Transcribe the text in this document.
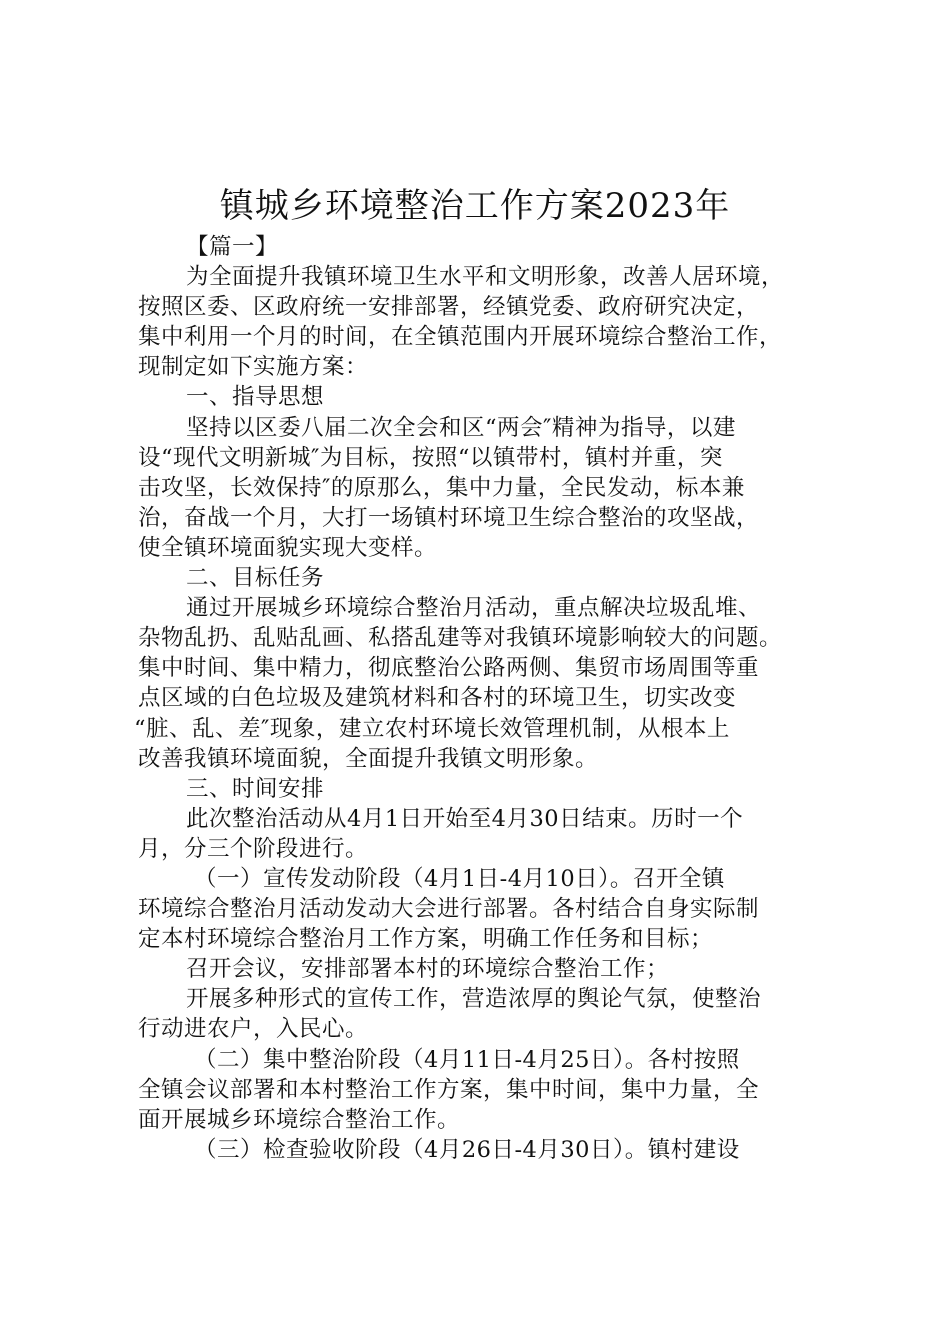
镇城乡环境整治工作方案2023年
【篇一】
为全面提升我镇环境卫生水平和文明形象，改善人居环境，
按照区委、区政府统一安排部署，经镇党委、政府研究决定，
集中利用一个月的时间，在全镇范围内开展环境综合整治工作，
现制定如下实施方案：
一、指导思想
坚持以区委八届二次全会和区“两会″精神为指导，以建
设“现代文明新城″为目标，按照“以镇带村，镇村并重，突
击攻坚，长效保持″的原那么，集中力量，全民发动，标本兼
治，奋战一个月，大打一场镇村环境卫生综合整治的攻坚战，
使全镇环境面貌实现大变样。
二、目标任务
通过开展城乡环境综合整治月活动，重点解决垃圾乱堆、
杂物乱扔、乱贴乱画、私搭乱建等对我镇环境影响较大的问题。
集中时间、集中精力，彻底整治公路两侧、集贸市场周围等重
点区域的白色垃圾及建筑材料和各村的环境卫生，切实改变
“脏、乱、差″现象，建立农村环境长效管理机制，从根本上
改善我镇环境面貌，全面提升我镇文明形象。
三、时间安排
此次整治活动从4月1日开始至4月30日结束。历时一个
月，分三个阶段进行。
（一）宣传发动阶段（4月1日-4月10日）。召开全镇
环境综合整治月活动发动大会进行部署。各村结合自身实际制
定本村环境综合整治月工作方案，明确工作任务和目标；
召开会议，安排部署本村的环境综合整治工作；
开展多种形式的宣传工作，营造浓厚的舆论气氛，使整治
行动进农户，入民心。
（二）集中整治阶段（4月11日-4月25日）。各村按照
全镇会议部署和本村整治工作方案，集中时间，集中力量，全
面开展城乡环境综合整治工作。
（三）检查验收阶段（4月26日-4月30日）。镇村建设
